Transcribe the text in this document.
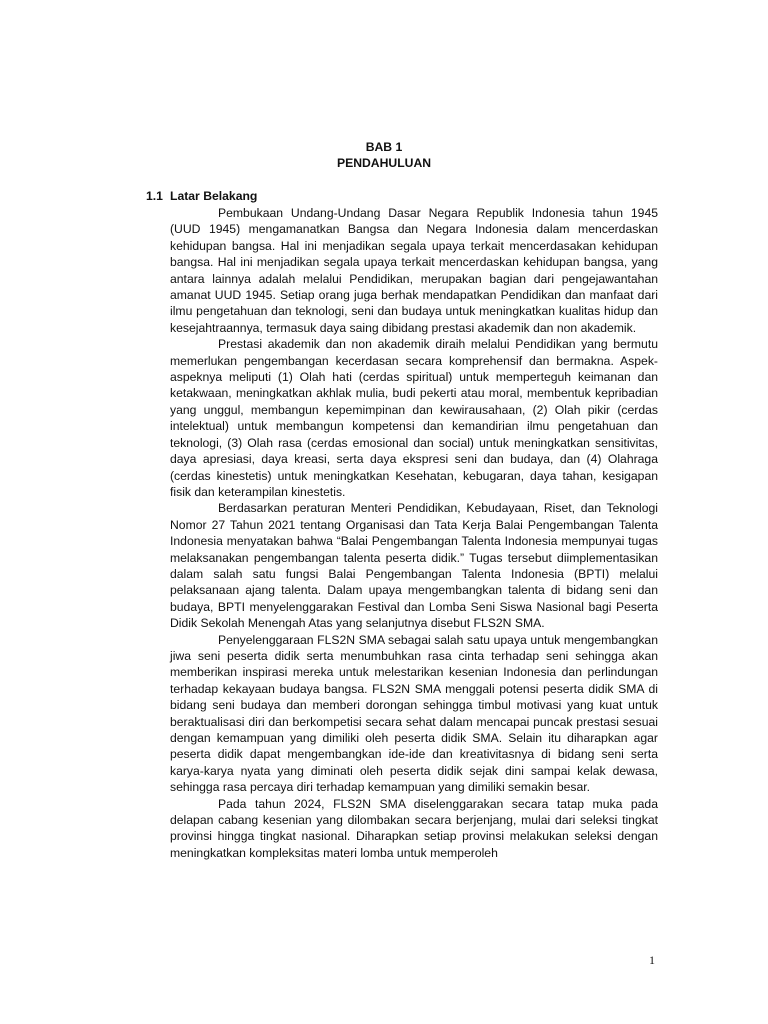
BAB 1
PENDAHULUAN
1.1 Latar Belakang

Pembukaan Undang-Undang Dasar Negara Republik Indonesia tahun 1945 (UUD 1945) mengamanatkan Bangsa dan Negara Indonesia dalam mencerdaskan kehidupan bangsa. Hal ini menjadikan segala upaya terkait mencerdasakan kehidupan bangsa. Hal ini menjadikan segala upaya terkait mencerdaskan kehidupan bangsa, yang antara lainnya adalah melalui Pendidikan, merupakan bagian dari pengejawantahan amanat UUD 1945. Setiap orang juga berhak mendapatkan Pendidikan dan manfaat dari ilmu pengetahuan dan teknologi, seni dan budaya untuk meningkatkan kualitas hidup dan kesejahtraannya, termasuk daya saing dibidang prestasi akademik dan non akademik.

Prestasi akademik dan non akademik diraih melalui Pendidikan yang bermutu memerlukan pengembangan kecerdasan secara komprehensif dan bermakna. Aspek-aspeknya meliputi (1) Olah hati (cerdas spiritual) untuk memperteguh keimanan dan ketakwaan, meningkatkan akhlak mulia, budi pekerti atau moral, membentuk kepribadian yang unggul, membangun kepemimpinan dan kewirausahaan, (2) Olah pikir (cerdas intelektual) untuk membangun kompetensi dan kemandirian ilmu pengetahuan dan teknologi, (3) Olah rasa (cerdas emosional dan social) untuk meningkatkan sensitivitas, daya apresiasi, daya kreasi, serta daya ekspresi seni dan budaya, dan (4) Olahraga (cerdas kinestetis) untuk meningkatkan Kesehatan, kebugaran, daya tahan, kesigapan fisik dan keterampilan kinestetis.

Berdasarkan peraturan Menteri Pendidikan, Kebudayaan, Riset, dan Teknologi Nomor 27 Tahun 2021 tentang Organisasi dan Tata Kerja Balai Pengembangan Talenta Indonesia menyatakan bahwa “Balai Pengembangan Talenta Indonesia mempunyai tugas melaksanakan pengembangan talenta peserta didik.” Tugas tersebut diimplementasikan dalam salah satu fungsi Balai Pengembangan Talenta Indonesia (BPTI) melalui pelaksanaan ajang talenta. Dalam upaya mengembangkan talenta di bidang seni dan budaya, BPTI menyelenggarakan Festival dan Lomba Seni Siswa Nasional bagi Peserta Didik Sekolah Menengah Atas yang selanjutnya disebut FLS2N SMA.

Penyelenggaraan FLS2N SMA sebagai salah satu upaya untuk mengembangkan jiwa seni peserta didik serta menumbuhkan rasa cinta terhadap seni sehingga akan memberikan inspirasi mereka untuk melestarikan kesenian Indonesia dan perlindungan terhadap kekayaan budaya bangsa. FLS2N SMA menggali potensi peserta didik SMA di bidang seni budaya dan memberi dorongan sehingga timbul motivasi yang kuat untuk beraktualisasi diri dan berkompetisi secara sehat dalam mencapai puncak prestasi sesuai dengan kemampuan yang dimiliki oleh peserta didik SMA. Selain itu diharapkan agar peserta didik dapat mengembangkan ide-ide dan kreativitasnya di bidang seni serta karya-karya nyata yang diminati oleh peserta didik sejak dini sampai kelak dewasa, sehingga rasa percaya diri terhadap kemampuan yang dimiliki semakin besar.

Pada tahun 2024, FLS2N SMA diselenggarakan secara tatap muka pada delapan cabang kesenian yang dilombakan secara berjenjang, mulai dari seleksi tingkat provinsi hingga tingkat nasional. Diharapkan setiap provinsi melakukan seleksi dengan meningkatkan kompleksitas materi lomba untuk memperoleh

1
